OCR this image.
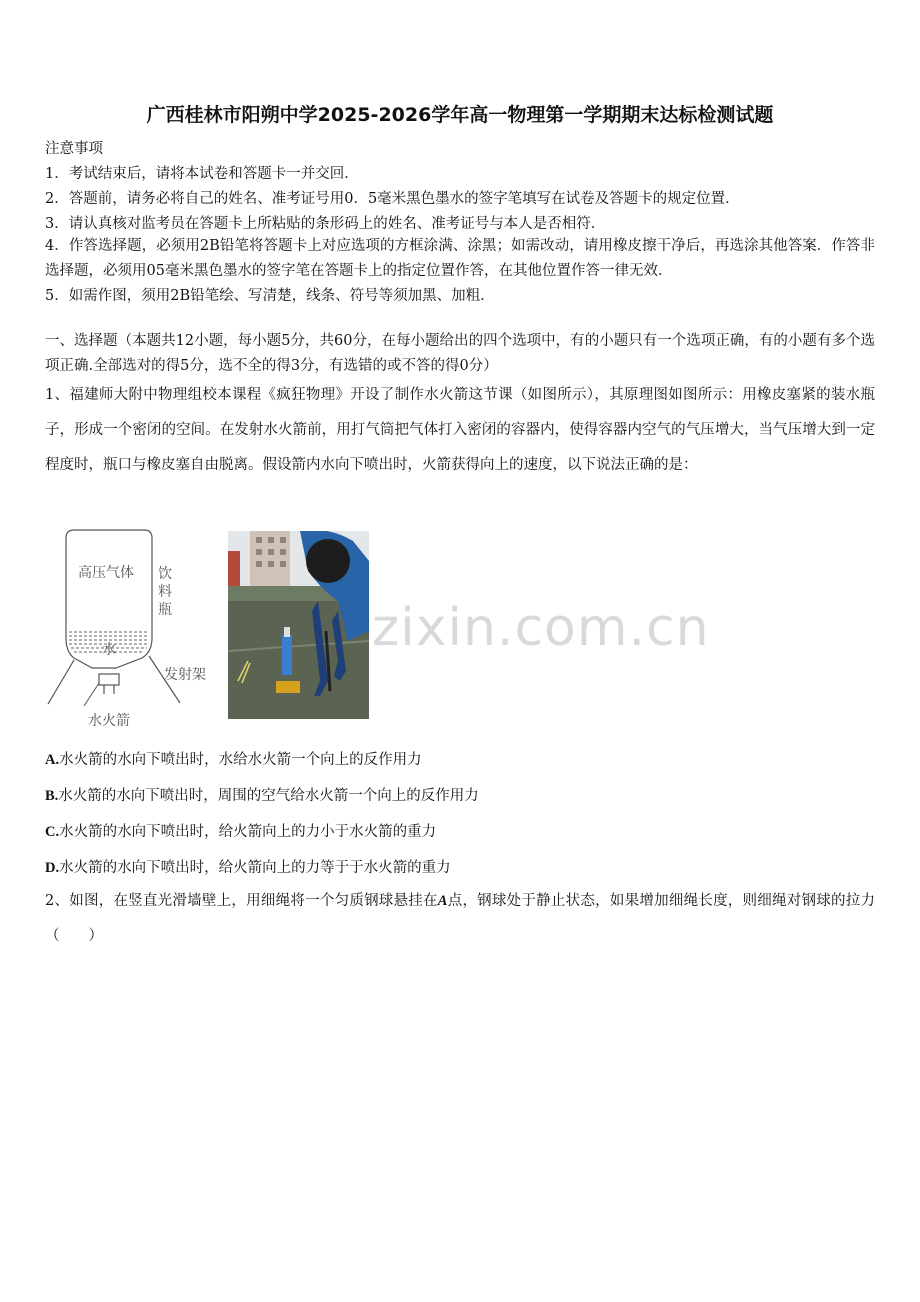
广西桂林市阳朔中学2025-2026学年高一物理第一学期期末达标检测试题
注意事项
1．考试结束后，请将本试卷和答题卡一并交回．
2．答题前，请务必将自己的姓名、准考证号用0．5毫米黑色墨水的签字笔填写在试卷及答题卡的规定位置．
3．请认真核对监考员在答题卡上所粘贴的条形码上的姓名、准考证号与本人是否相符．
4．作答选择题，必须用2B铅笔将答题卡上对应选项的方框涂满、涂黑；如需改动，请用橡皮擦干净后，再选涂其他答案．作答非选择题，必须用05毫米黑色墨水的签字笔在答题卡上的指定位置作答，在其他位置作答一律无效．
5．如需作图，须用2B铅笔绘、写清楚，线条、符号等须加黑、加粗．
一、选择题（本题共12小题，每小题5分，共60分，在每小题给出的四个选项中，有的小题只有一个选项正确，有的小题有多个选项正确.全部选对的得5分，选不全的得3分，有选错的或不答的得0分）
1、福建师大附中物理组校本课程《疯狂物理》开设了制作水火箭这节课（如图所示），其原理图如图所示：用橡皮塞紧的装水瓶子，形成一个密闭的空间。在发射水火箭前，用打气筒把气体打入密闭的容器内，使得容器内空气的气压增大，当气压增大到一定程度时，瓶口与橡皮塞自由脱离。假设箭内水向下喷出时，火箭获得向上的速度，以下说法正确的是：
高压气体 饮
料
瓶
水
发射架
水火箭
zixin.com.cn
A.水火箭的水向下喷出时，水给水火箭一个向上的反作用力
B.水火箭的水向下喷出时，周围的空气给水火箭一个向上的反作用力
C.水火箭的水向下喷出时，给火箭向上的力小于水火箭的重力
D.水火箭的水向下喷出时，给火箭向上的力等于于水火箭的重力
2、如图，在竖直光滑墙壁上，用细绳将一个匀质钢球悬挂在A点，钢球处于静止状态，如果增加细绳长度，则细绳对钢球的拉力（　　）
